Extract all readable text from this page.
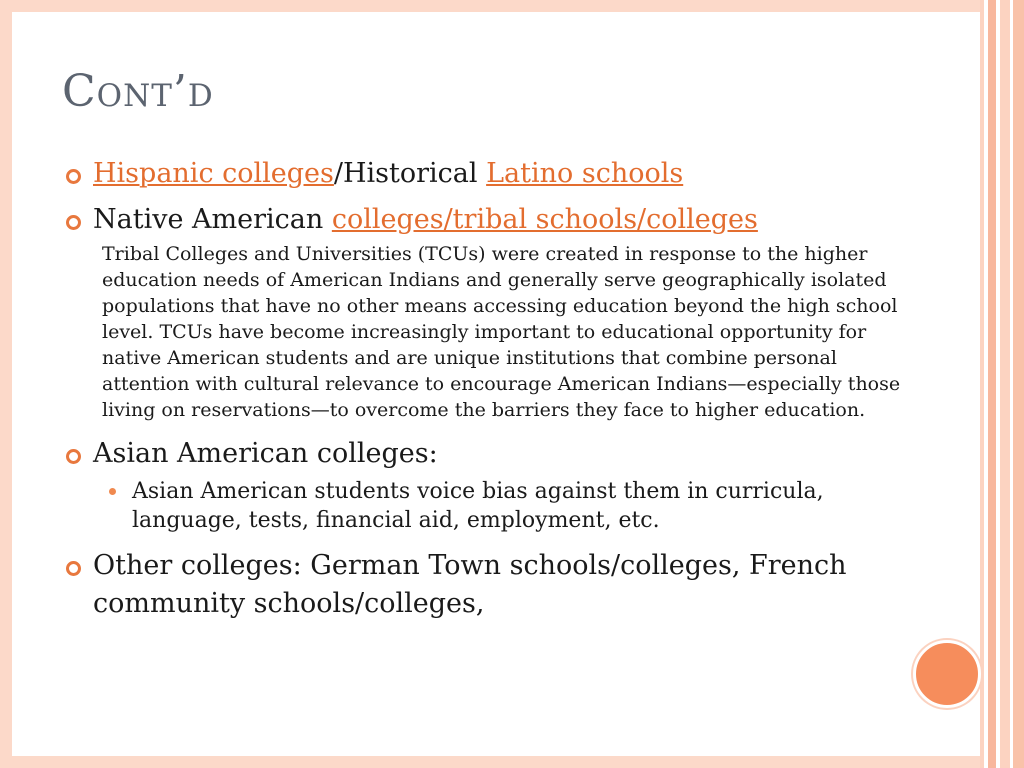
Cont’d
Hispanic colleges/Historical Latino schools
Native American colleges/tribal schools/colleges
Tribal Colleges and Universities (TCUs) were created in response to the higher education needs of American Indians and generally serve geographically isolated populations that have no other means accessing education beyond the high school level. TCUs have become increasingly important to educational opportunity for native American students and are unique institutions that combine personal attention with cultural relevance to encourage American Indians—especially those living on reservations—to overcome the barriers they face to higher education.
Asian American colleges:
Asian American students voice bias against them in curricula, language, tests, financial aid, employment, etc.
Other colleges: German Town schools/colleges, French community schools/colleges,
